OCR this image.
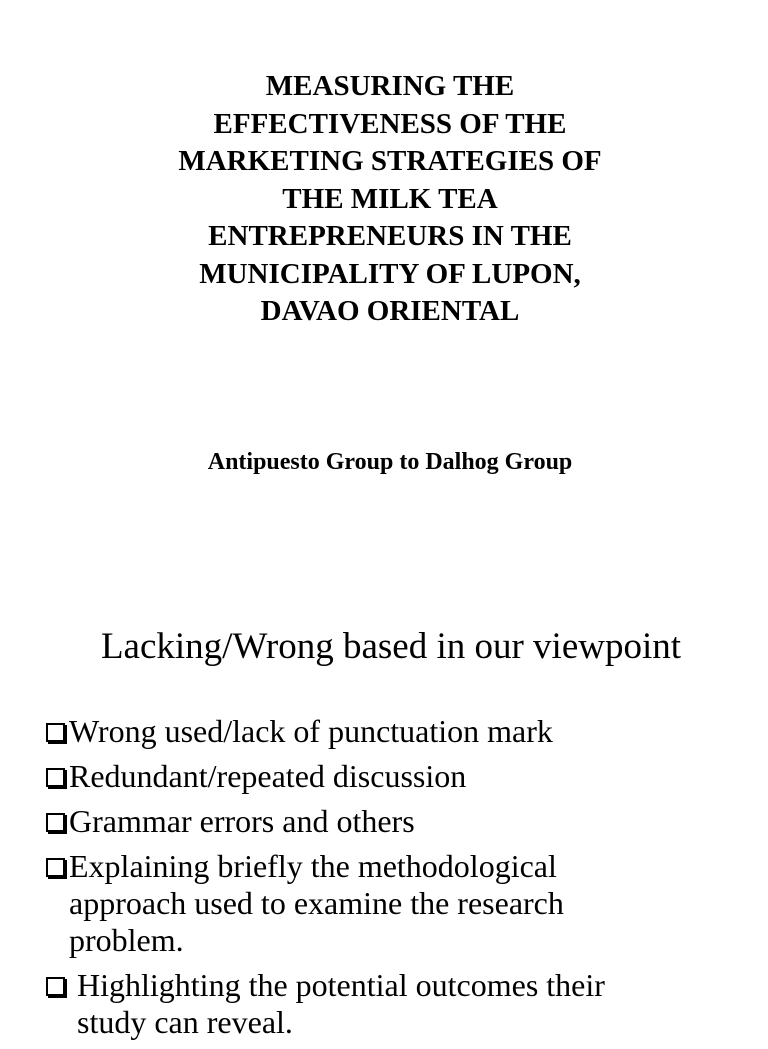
MEASURING THE
EFFECTIVENESS OF THE
MARKETING STRATEGIES OF
THE MILK TEA
ENTREPRENEURS IN THE
MUNICIPALITY OF LUPON,
DAVAO ORIENTAL

Antipuesto Group to Dalhog Group

Lacking/Wrong based in our viewpoint
Wrong used/lack of punctuation mark
Redundant/repeated discussion
Grammar errors and others
Explaining briefly the methodological
approach used to examine the research
problem.
Highlighting the potential outcomes their
study can reveal.
